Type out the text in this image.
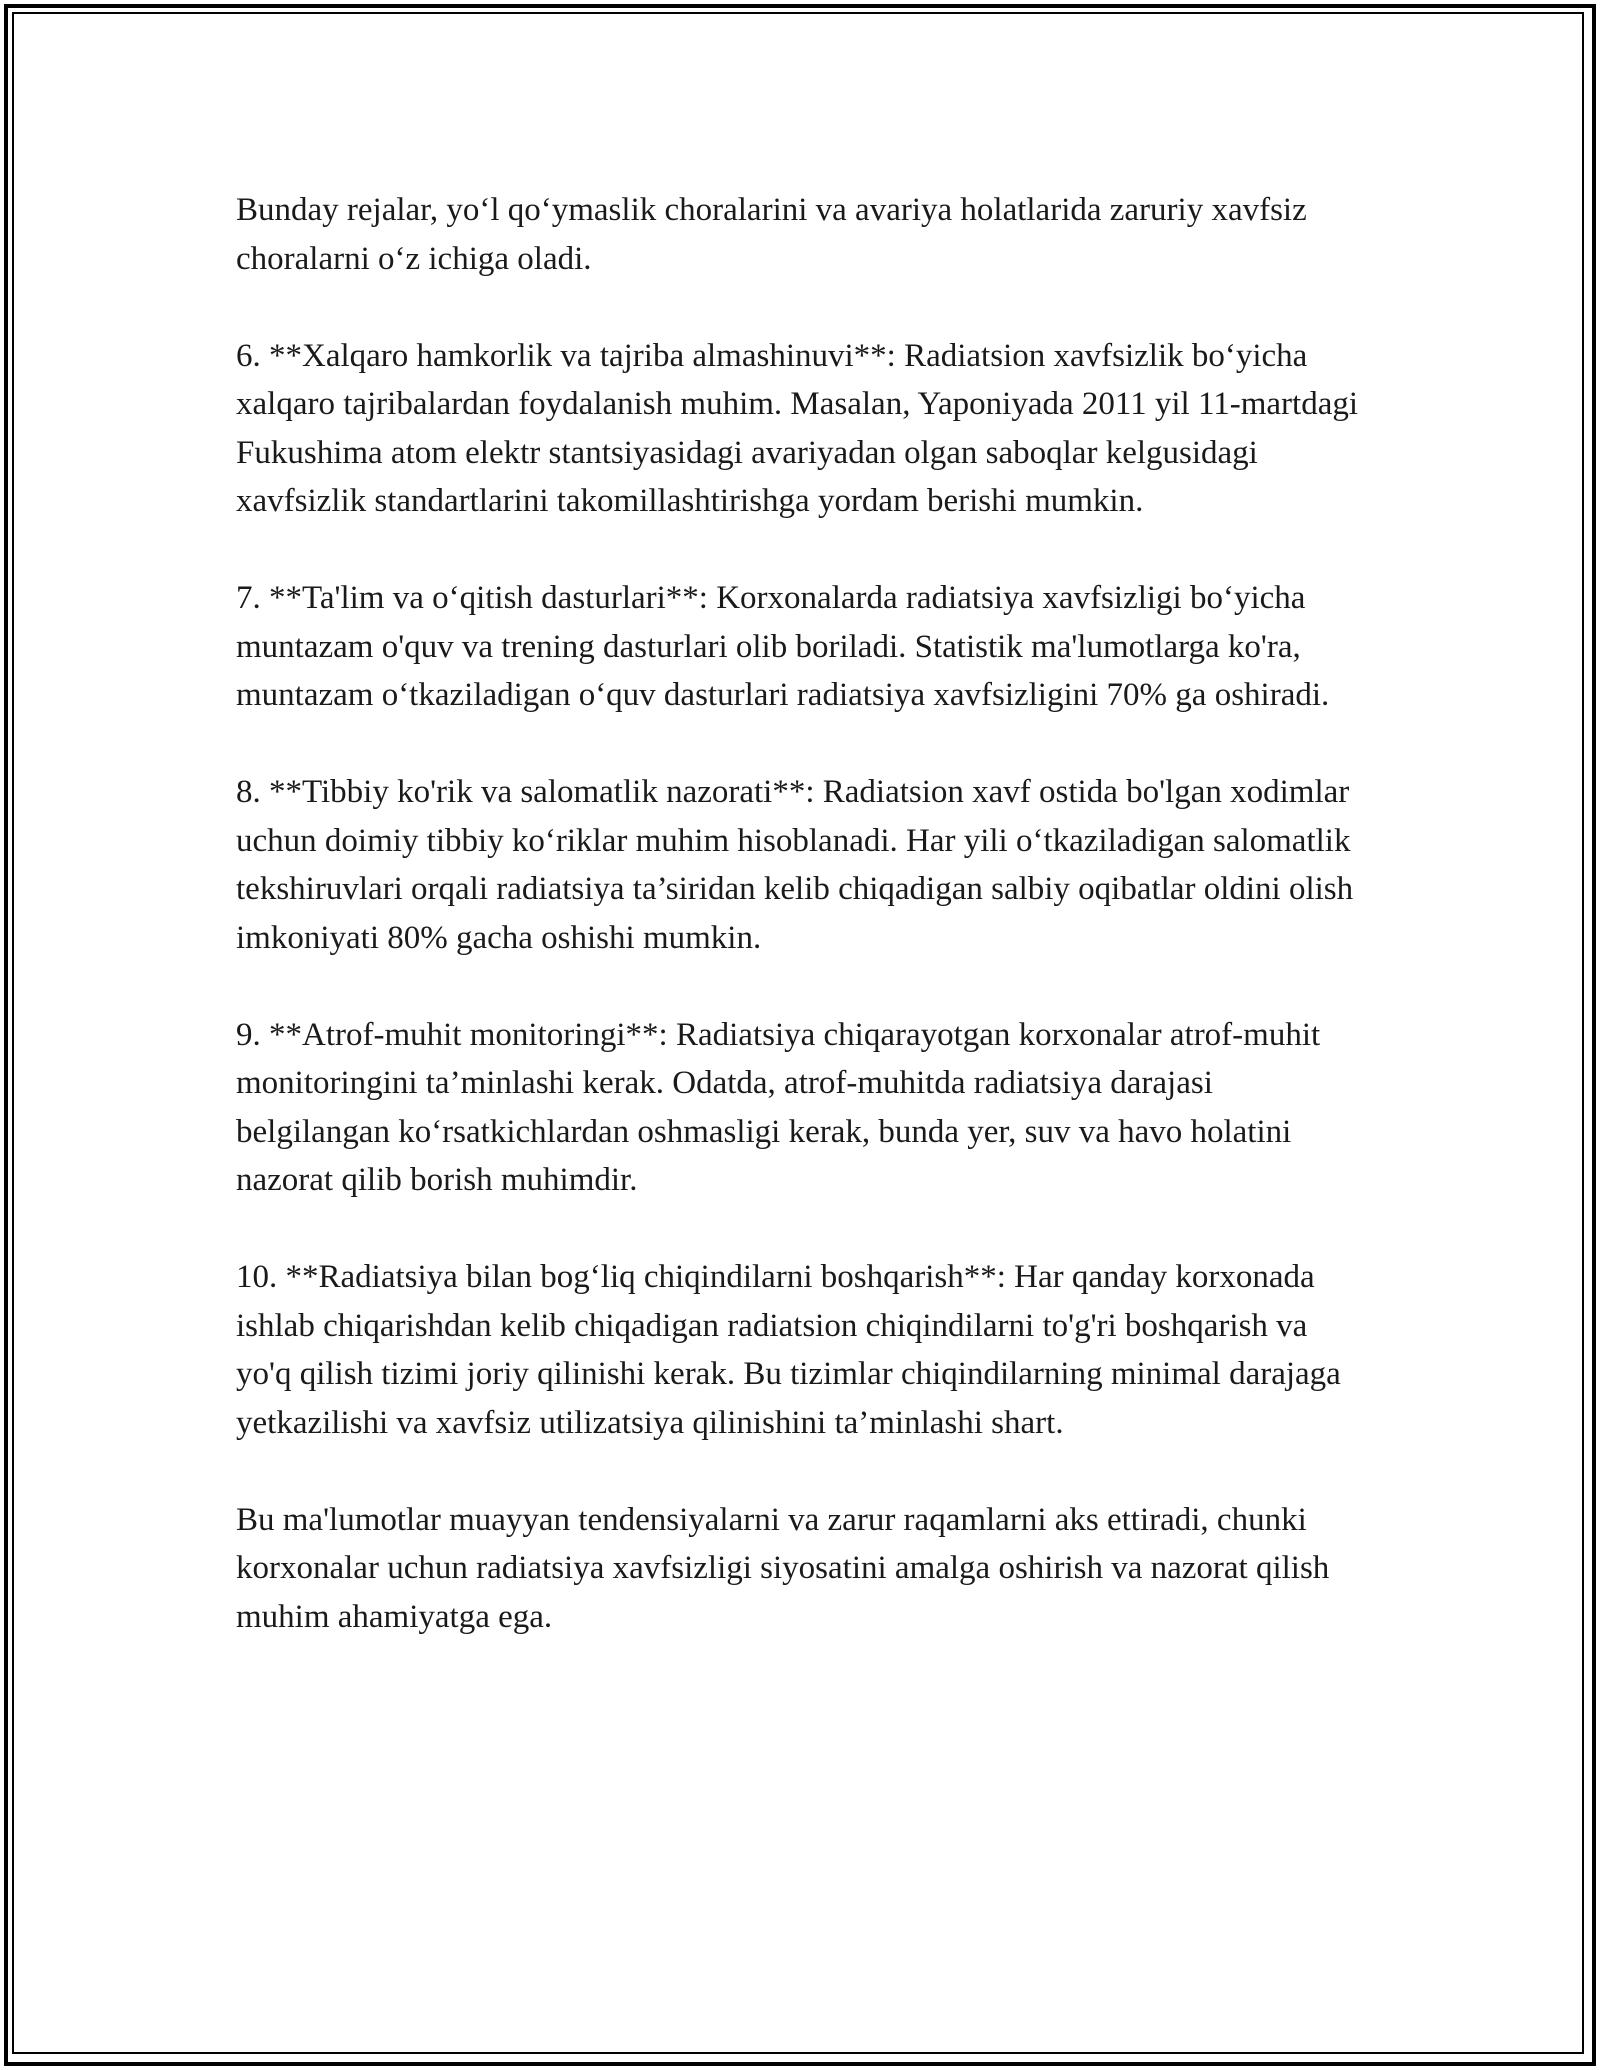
Bunday rejalar, yo‘l qo‘ymaslik choralarini va avariya holatlarida zaruriy xavfsiz choralarni o‘z ichiga oladi.

6. **Xalqaro hamkorlik va tajriba almashinuvi**: Radiatsion xavfsizlik bo‘yicha xalqaro tajribalardan foydalanish muhim. Masalan, Yaponiyada 2011 yil 11-martdagi Fukushima atom elektr stantsiyasidagi avariyadan olgan saboqlar kelgusidagi xavfsizlik standartlarini takomillashtirishga yordam berishi mumkin.

7. **Ta'lim va o‘qitish dasturlari**: Korxonalarda radiatsiya xavfsizligi bo‘yicha muntazam o'quv va trening dasturlari olib boriladi. Statistik ma'lumotlarga ko'ra, muntazam o‘tkaziladigan o‘quv dasturlari radiatsiya xavfsizligini 70% ga oshiradi.

8. **Tibbiy ko'rik va salomatlik nazorati**: Radiatsion xavf ostida bo'lgan xodimlar uchun doimiy tibbiy ko‘riklar muhim hisoblanadi. Har yili o‘tkaziladigan salomatlik tekshiruvlari orqali radiatsiya ta’siridan kelib chiqadigan salbiy oqibatlar oldini olish imkoniyati 80% gacha oshishi mumkin.

9. **Atrof-muhit monitoringi**: Radiatsiya chiqarayotgan korxonalar atrof-muhit monitoringini ta’minlashi kerak. Odatda, atrof-muhitda radiatsiya darajasi belgilangan ko‘rsatkichlardan oshmasligi kerak, bunda yer, suv va havo holatini nazorat qilib borish muhimdir.

10. **Radiatsiya bilan bog‘liq chiqindilarni boshqarish**: Har qanday korxonada ishlab chiqarishdan kelib chiqadigan radiatsion chiqindilarni to'g'ri boshqarish va yo'q qilish tizimi joriy qilinishi kerak. Bu tizimlar chiqindilarning minimal darajaga yetkazilishi va xavfsiz utilizatsiya qilinishini ta’minlashi shart.

Bu ma'lumotlar muayyan tendensiyalarni va zarur raqamlarni aks ettiradi, chunki korxonalar uchun radiatsiya xavfsizligi siyosatini amalga oshirish va nazorat qilish muhim ahamiyatga ega.
